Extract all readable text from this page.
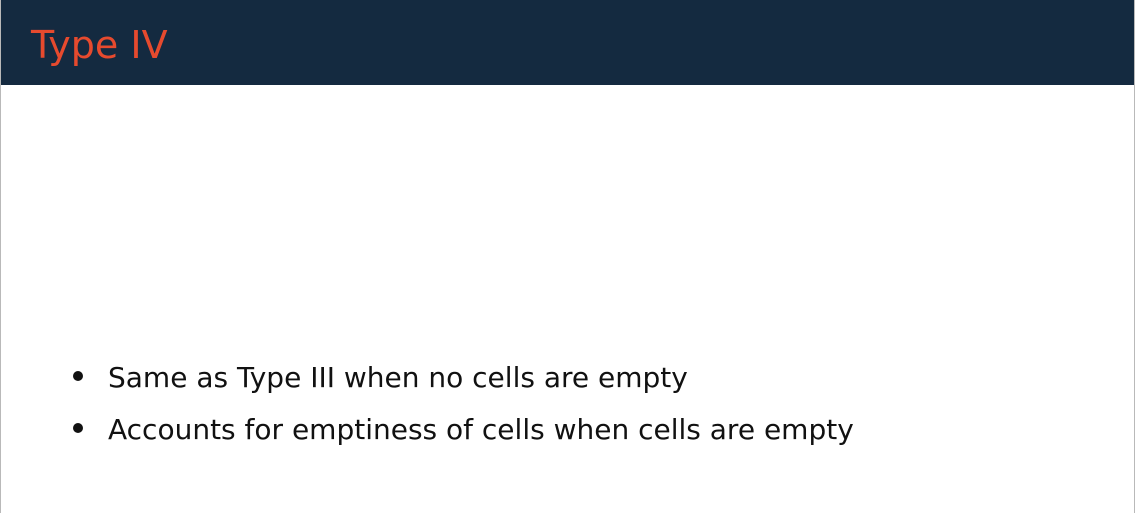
Type IV
Same as Type III when no cells are empty
Accounts for emptiness of cells when cells are empty
